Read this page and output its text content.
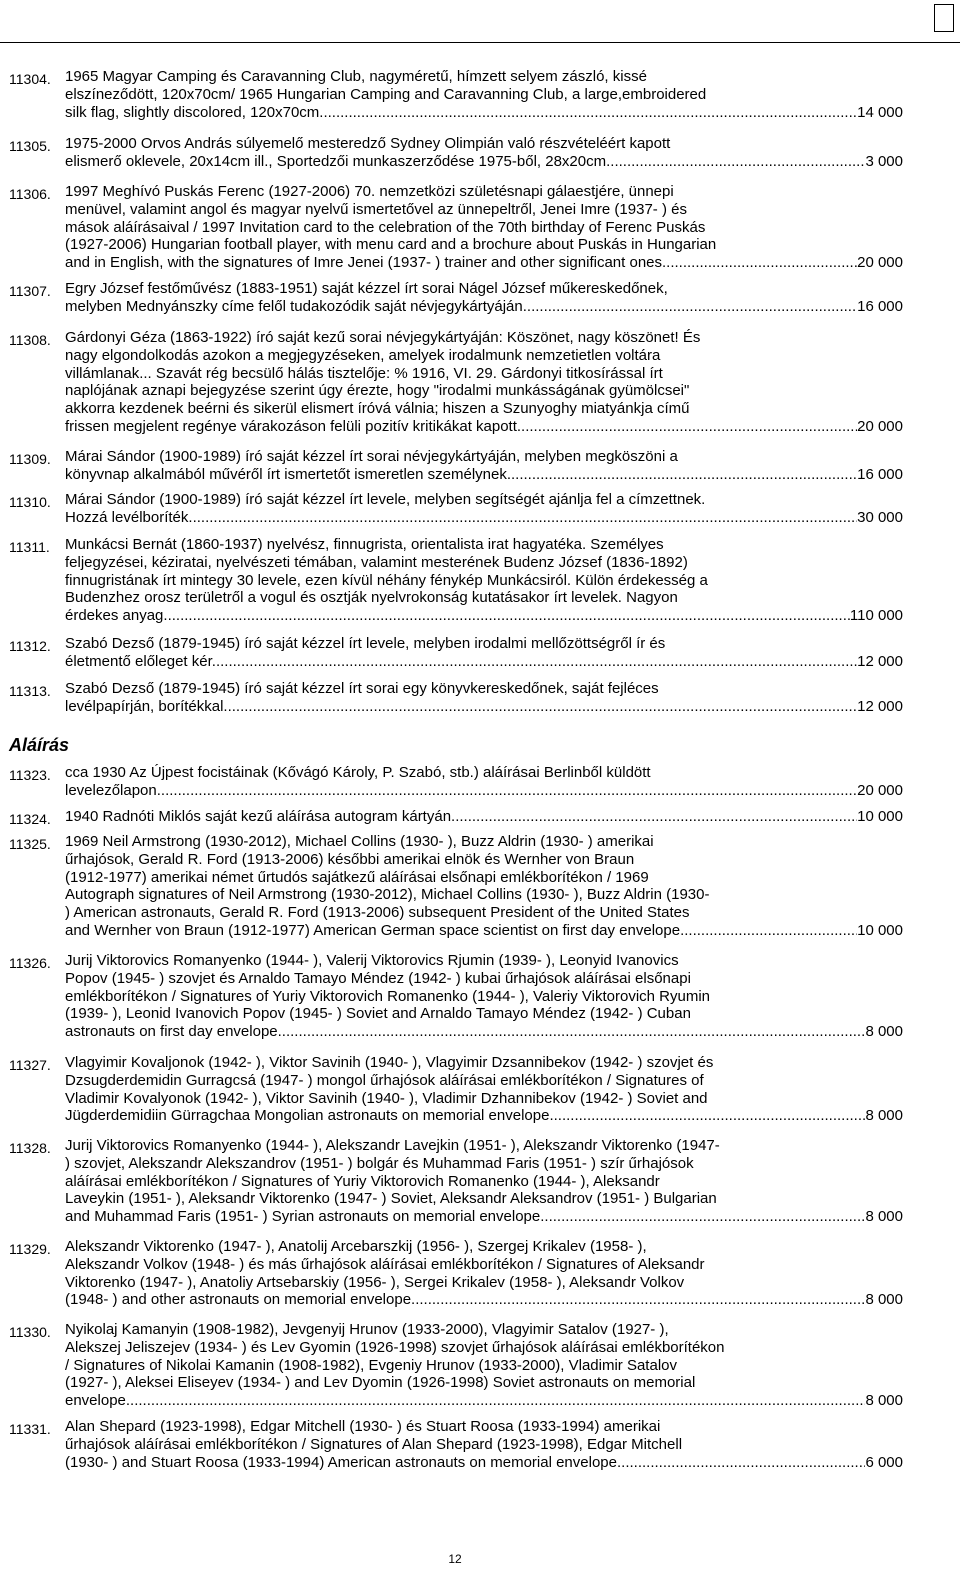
11304. 1965 Magyar Camping és Caravanning Club, nagyméretű, hímzett selyem zászló, kissé
elszíneződött, 120x70cm/ 1965 Hungarian Camping and Caravanning Club, a large,embroidered
silk flag, slightly discolored, 120x70cm .....	14 000
11305. 1975-2000 Orvos András súlyemelő mesteredző Sydney Olimpián való részvételéért kapott
elismerő oklevele, 20x14cm ill., Sportedzői munkaszerződése 1975-ből, 28x20cm .....	3 000
11306. 1997 Meghívó Puskás Ferenc (1927-2006) 70. nemzetközi születésnapi gálaestjére, ünnepi
menüvel, valamint angol és magyar nyelvű ismertetővel az ünnepeltről, Jenei Imre (1937- ) és
mások aláírásaival / 1997 Invitation card to the celebration of the 70th birthday of Ferenc Puskás
(1927-2006) Hungarian football player, with menu card and a brochure about Puskás in Hungarian
and in English, with the signatures of Imre Jenei (1937- ) trainer and other significant ones .....	20 000
11307. Egry József festőművész (1883-1951) saját kézzel írt sorai Nágel József műkereskedőnek,
melyben Mednyánszky címe felől tudakozódik saját névjegykártyáján .....	16 000
11308. Gárdonyi Géza (1863-1922) író saját kezű sorai névjegykártyáján: Köszönet, nagy köszönet! És
nagy elgondolkodás azokon a megjegyzéseken, amelyek irodalmunk nemzetietlen voltára
villámlanak... Szavát rég becsülő hálás tisztelője: % 1916, VI. 29. Gárdonyi titkosírással írt
naplójának aznapi bejegyzése szerint úgy érezte, hogy "irodalmi munkásságának gyümölcsei"
akkorra kezdenek beérni és sikerül elismert íróvá válnia; hiszen a Szunyoghy miatyánkja című
frissen megjelent regénye várakozáson felüli pozitív kritikákat kapott .....	20 000
11309. Márai Sándor (1900-1989) író saját kézzel írt sorai névjegykártyáján, melyben megköszöni a
könyvnap alkalmából művéről írt ismertetőt ismeretlen személynek. .....	16 000
11310. Márai Sándor (1900-1989) író saját kézzel írt levele, melyben segítségét ajánlja fel a címzettnek.
Hozzá levélboríték .....	30 000
11311. Munkácsi Bernát (1860-1937) nyelvész, finnugrista, orientalista irat hagyatéka. Személyes
feljegyzései, kéziratai, nyelvészeti témában, valamint mesterének Budenz József (1836-1892)
finnugristának írt mintegy 30 levele, ezen kívül néhány fénykép Munkácsiról. Külön érdekesség a
Budenzhez orosz területről a vogul és osztják nyelvrokonság kutatásakor írt levelek. Nagyon
érdekes anyag .....	110 000
11312. Szabó Dezső (1879-1945) író saját kézzel írt levele, melyben irodalmi mellőzöttségről ír és
életmentő előleget kér. .....	12 000
11313. Szabó Dezső (1879-1945) író saját kézzel írt sorai egy könyvkereskedőnek, saját fejléces
levélpapírján, borítékkal. .....	12 000
11323. cca 1930 Az Újpest focistáinak (Kővágó Károly, P. Szabó, stb.) aláírásai Berlinből küldött
levelezőlapon .....	20 000
11324. 1940 Radnóti Miklós saját kezű aláírása autogram kártyán .....	10 000
11325. 1969 Neil Armstrong (1930-2012), Michael Collins (1930- ), Buzz Aldrin (1930- ) amerikai
űrhajósok, Gerald R. Ford (1913-2006) későbbi amerikai elnök és Wernher von Braun
(1912-1977) amerikai német űrtudós sajátkezű aláírásai elsőnapi emlékborítékon / 1969
Autograph signatures of Neil Armstrong (1930-2012), Michael Collins (1930- ), Buzz Aldrin (1930-
) American astronauts, Gerald R. Ford (1913-2006) subsequent President of the United States
and Wernher von Braun (1912-1977) American German space scientist on first day envelope .....	10 000
11326. Jurij Viktorovics Romanyenko (1944- ), Valerij Viktorovics Rjumin (1939- ), Leonyid Ivanovics
Popov (1945- ) szovjet és Arnaldo Tamayo Méndez (1942- ) kubai űrhajósok aláírásai elsőnapi
emlékborítékon / Signatures of Yuriy Viktorovich Romanenko (1944- ), Valeriy Viktorovich Ryumin
(1939- ), Leonid Ivanovich Popov (1945- ) Soviet and Arnaldo Tamayo Méndez (1942- ) Cuban
astronauts on first day envelope .....	8 000
11327. Vlagyimir Kovaljonok (1942- ), Viktor Savinih (1940- ), Vlagyimir Dzsannibekov (1942- ) szovjet és
Dzsugderdemidin Gurragcsá (1947- ) mongol űrhajósok aláírásai emlékborítékon / Signatures of
Vladimir Kovalyonok (1942- ), Viktor Savinih (1940- ), Vladimir Dzhannibekov (1942- ) Soviet and
Jügderdemidiin Gürragchaa Mongolian astronauts on memorial envelope .....	8 000
11328. Jurij Viktorovics Romanyenko (1944- ), Alekszandr Lavejkin (1951- ), Alekszandr Viktorenko (1947-
) szovjet, Alekszandr Alekszandrov (1951- ) bolgár és Muhammad Faris (1951- ) szír űrhajósok
aláírásai emlékborítékon / Signatures of Yuriy Viktorovich Romanenko (1944- ), Aleksandr
Laveykin (1951- ), Aleksandr Viktorenko (1947- ) Soviet, Aleksandr Aleksandrov (1951- ) Bulgarian
and Muhammad Faris (1951- ) Syrian astronauts on memorial envelope .....	8 000
11329. Alekszandr Viktorenko (1947- ), Anatolij Arcebarszkij (1956- ), Szergej Krikalev (1958- ),
Alekszandr Volkov (1948- ) és más űrhajósok aláírásai emlékborítékon / Signatures of Aleksandr
Viktorenko (1947- ), Anatoliy Artsebarskiy (1956- ), Sergei Krikalev (1958- ), Aleksandr Volkov
(1948- ) and other astronauts on memorial envelope .....	8 000
11330. Nyikolaj Kamanyin (1908-1982), Jevgenyij Hrunov (1933-2000), Vlagyimir Satalov (1927- ),
Alekszej Jeliszejev (1934- ) és Lev Gyomin (1926-1998) szovjet űrhajósok aláírásai emlékborítékon
/ Signatures of Nikolai Kamanin (1908-1982), Evgeniy Hrunov (1933-2000), Vladimir Satalov
(1927- ), Aleksei Eliseyev (1934- ) and Lev Dyomin (1926-1998) Soviet astronauts on memorial
envelope .....	8 000
11331. Alan Shepard (1923-1998), Edgar Mitchell (1930- ) és Stuart Roosa (1933-1994) amerikai
űrhajósok aláírásai emlékborítékon / Signatures of Alan Shepard (1923-1998), Edgar Mitchell
(1930- ) and Stuart Roosa (1933-1994) American astronauts on memorial envelope .....	6 000
Aláírás
12
